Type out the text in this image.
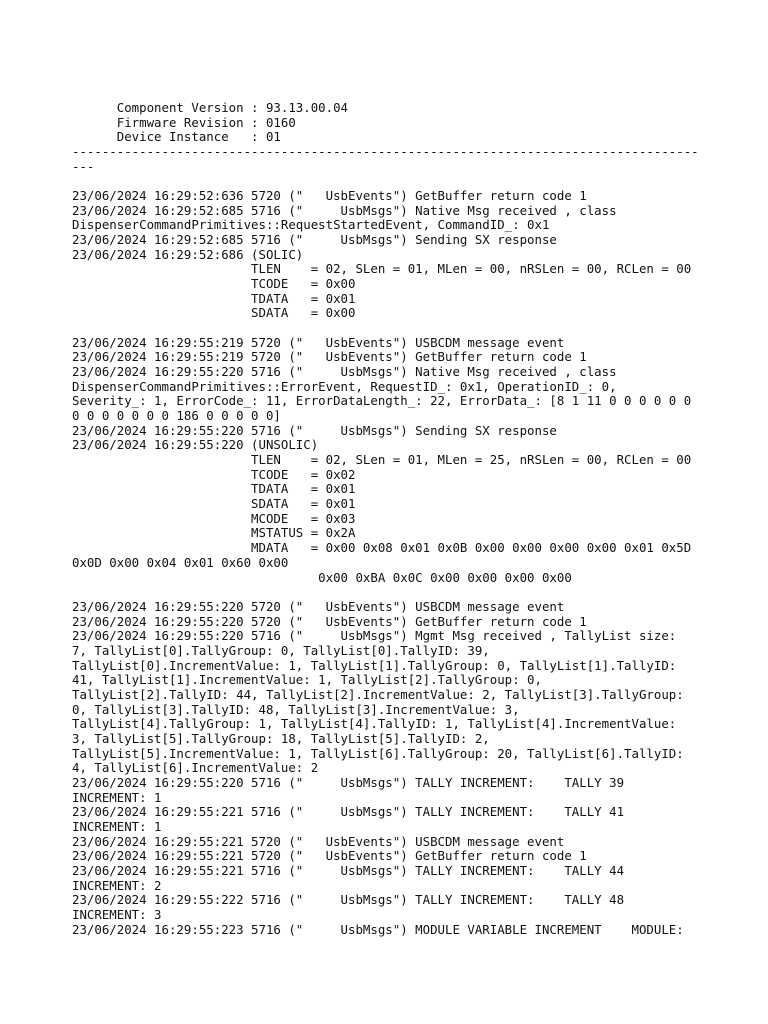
Component Version : 93.13.00.04
Firmware Revision : 0160
Device Instance   : 01
------------------------------------------------------------------------------------
---
23/06/2024 16:29:52:636 5720 ("   UsbEvents") GetBuffer return code 1
23/06/2024 16:29:52:685 5716 ("     UsbMsgs") Native Msg received , class
DispenserCommandPrimitives::RequestStartedEvent, CommandID_: 0x1
23/06/2024 16:29:52:685 5716 ("     UsbMsgs") Sending SX response
23/06/2024 16:29:52:686 (SOLIC)
TLEN    = 02, SLen = 01, MLen = 00, nRSLen = 00, RCLen = 00
TCODE   = 0x00
TDATA   = 0x01
SDATA   = 0x00
23/06/2024 16:29:55:219 5720 ("   UsbEvents") USBCDM message event
23/06/2024 16:29:55:219 5720 ("   UsbEvents") GetBuffer return code 1
23/06/2024 16:29:55:220 5716 ("     UsbMsgs") Native Msg received , class
DispenserCommandPrimitives::ErrorEvent, RequestID_: 0x1, OperationID_: 0,
Severity_: 1, ErrorCode_: 11, ErrorDataLength_: 22, ErrorData_: [8 1 11 0 0 0 0 0 0
0 0 0 0 0 0 0 186 0 0 0 0 0]
23/06/2024 16:29:55:220 5716 ("     UsbMsgs") Sending SX response
23/06/2024 16:29:55:220 (UNSOLIC)
TLEN    = 02, SLen = 01, MLen = 25, nRSLen = 00, RCLen = 00
TCODE   = 0x02
TDATA   = 0x01
SDATA   = 0x01
MCODE   = 0x03
MSTATUS = 0x2A
MDATA   = 0x00 0x08 0x01 0x0B 0x00 0x00 0x00 0x00 0x01 0x5D
0x0D 0x00 0x04 0x01 0x60 0x00
0x00 0xBA 0x0C 0x00 0x00 0x00 0x00
23/06/2024 16:29:55:220 5720 ("   UsbEvents") USBCDM message event
23/06/2024 16:29:55:220 5720 ("   UsbEvents") GetBuffer return code 1
23/06/2024 16:29:55:220 5716 ("     UsbMsgs") Mgmt Msg received , TallyList size:
7, TallyList[0].TallyGroup: 0, TallyList[0].TallyID: 39,
TallyList[0].IncrementValue: 1, TallyList[1].TallyGroup: 0, TallyList[1].TallyID:
41, TallyList[1].IncrementValue: 1, TallyList[2].TallyGroup: 0,
TallyList[2].TallyID: 44, TallyList[2].IncrementValue: 2, TallyList[3].TallyGroup:
0, TallyList[3].TallyID: 48, TallyList[3].IncrementValue: 3,
TallyList[4].TallyGroup: 1, TallyList[4].TallyID: 1, TallyList[4].IncrementValue:
3, TallyList[5].TallyGroup: 18, TallyList[5].TallyID: 2,
TallyList[5].IncrementValue: 1, TallyList[6].TallyGroup: 20, TallyList[6].TallyID:
4, TallyList[6].IncrementValue: 2
23/06/2024 16:29:55:220 5716 ("     UsbMsgs") TALLY INCREMENT:    TALLY 39
INCREMENT: 1
23/06/2024 16:29:55:221 5716 ("     UsbMsgs") TALLY INCREMENT:    TALLY 41
INCREMENT: 1
23/06/2024 16:29:55:221 5720 ("   UsbEvents") USBCDM message event
23/06/2024 16:29:55:221 5720 ("   UsbEvents") GetBuffer return code 1
23/06/2024 16:29:55:221 5716 ("     UsbMsgs") TALLY INCREMENT:    TALLY 44
INCREMENT: 2
23/06/2024 16:29:55:222 5716 ("     UsbMsgs") TALLY INCREMENT:    TALLY 48
INCREMENT: 3
23/06/2024 16:29:55:223 5716 ("     UsbMsgs") MODULE VARIABLE INCREMENT    MODULE:
